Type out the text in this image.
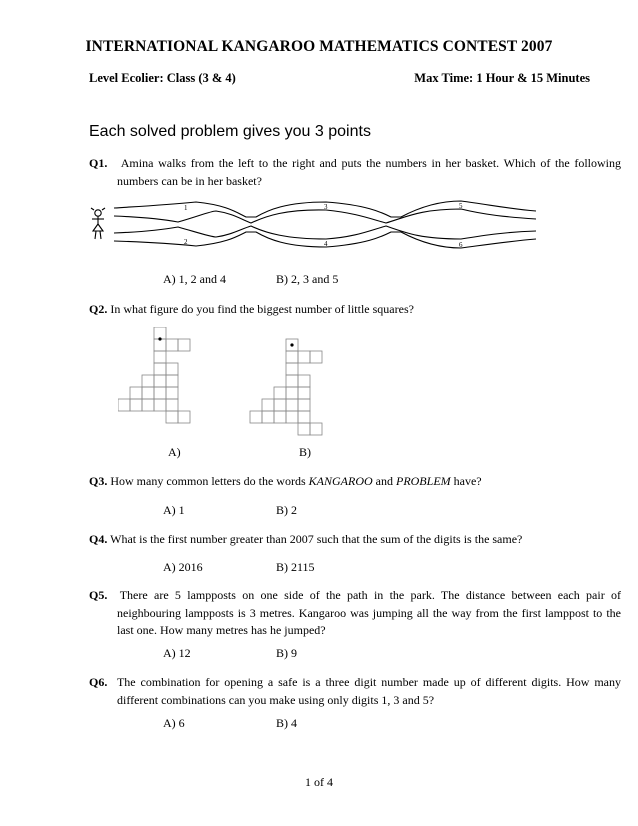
INTERNATIONAL KANGAROO MATHEMATICS CONTEST 2007
Level Ecolier: Class (3 & 4)	Max Time: 1 Hour & 15 Minutes
Each solved problem gives you 3 points
Q1. Amina walks from the left to the right and puts the numbers in her basket. Which of the following numbers can be in her basket?
1
2
3
4
5
6
A) 1, 2 and 4	B) 2, 3 and 5
Q2. In what figure do you find the biggest number of little squares?
A)	B)
Q3. How many common letters do the words KANGAROO and PROBLEM have?
A) 1	B) 2
Q4. What is the first number greater than 2007 such that the sum of the digits is the same?
A) 2016	B) 2115
Q5. There are 5 lampposts on one side of the path in the park. The distance between each pair of neighbouring lampposts is 3 metres. Kangaroo was jumping all the way from the first lamppost to the last one. How many metres has he jumped?
A) 12	B) 9
Q6. The combination for opening a safe is a three digit number made up of different digits. How many different combinations can you make using only digits 1, 3 and 5?
A) 6	B) 4
1 of 4
